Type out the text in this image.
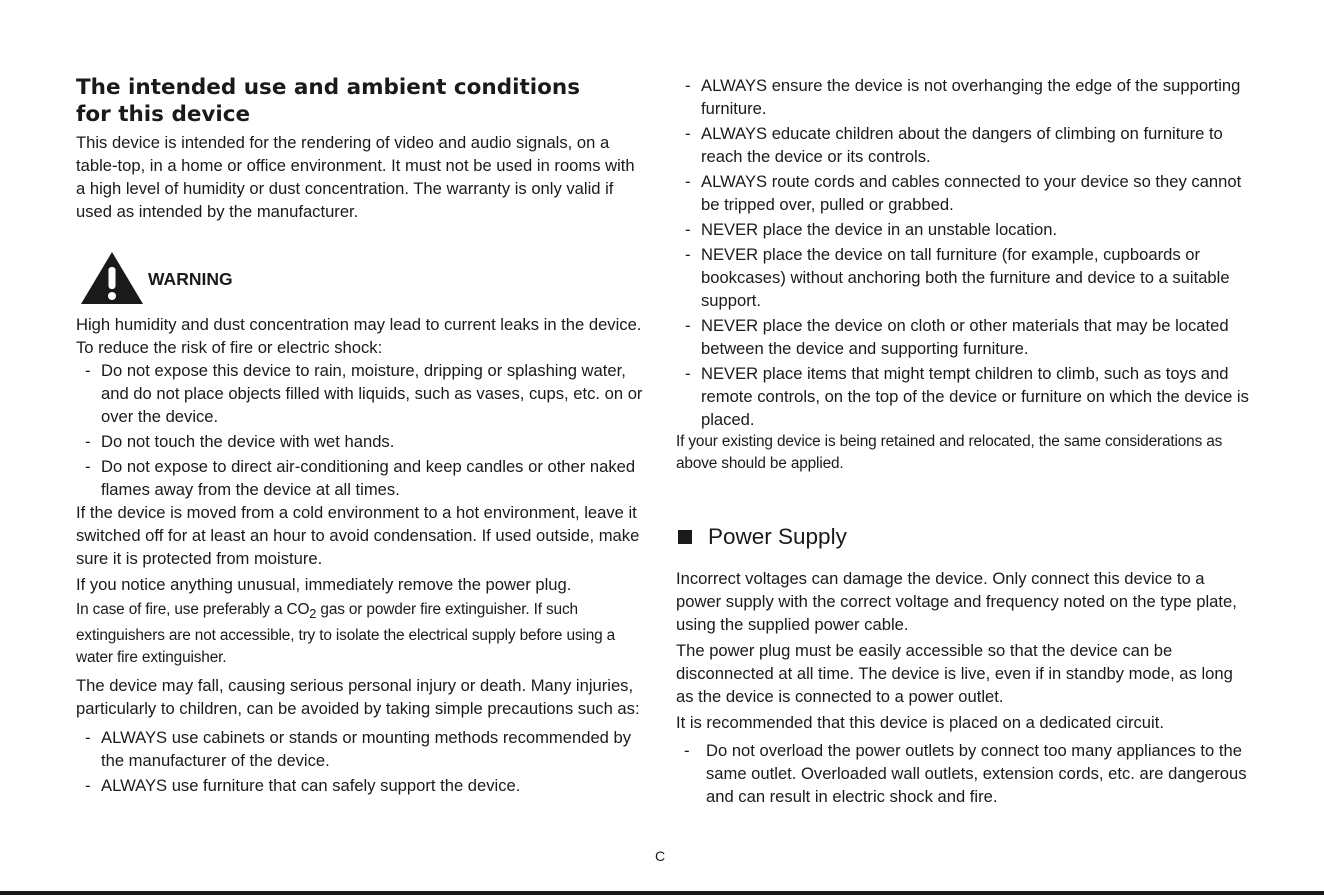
The intended use and ambient conditions
for this device

This device is intended for the rendering of video and audio signals, on a table-top, in a home or office environment. It must not be used in rooms with a high level of humidity or dust concentration. The warranty is only valid if used as intended by the manufacturer.

WARNING

High humidity and dust concentration may lead to current leaks in the device. To reduce the risk of fire or electric shock:

- Do not expose this device to rain, moisture, dripping or splashing water, and do not place objects filled with liquids, such as vases, cups, etc. on or over the device.
- Do not touch the device with wet hands.
- Do not expose to direct air-conditioning and keep candles or other naked flames away from the device at all times.

If the device is moved from a cold environment to a hot environment, leave it switched off for at least an hour to avoid condensation. If used outside, make sure it is protected from moisture.

If you notice anything unusual, immediately remove the power plug.

In case of fire, use preferably a $CO_2$ gas or powder fire extinguisher. If such extinguishers are not accessible, try to isolate the electrical supply before using a water fire extinguisher.

The device may fall, causing serious personal injury or death. Many injuries, particularly to children, can be avoided by taking simple precautions such as:

- ALWAYS use cabinets or stands or mounting methods recommended by the manufacturer of the device.
- ALWAYS use furniture that can safely support the device.
- ALWAYS ensure the device is not overhanging the edge of the supporting furniture.
- ALWAYS educate children about the dangers of climbing on furniture to reach the device or its controls.
- ALWAYS route cords and cables connected to your device so they cannot be tripped over, pulled or grabbed.
- NEVER place the device in an unstable location.
- NEVER place the device on tall furniture (for example, cupboards or bookcases) without anchoring both the furniture and device to a suitable support.
- NEVER place the device on cloth or other materials that may be located between the device and supporting furniture.
- NEVER place items that might tempt children to climb, such as toys and remote controls, on the top of the device or furniture on which the device is placed.

If your existing device is being retained and relocated, the same considerations as above should be applied.

Power Supply

Incorrect voltages can damage the device. Only connect this device to a power supply with the correct voltage and frequency noted on the type plate, using the supplied power cable.

The power plug must be easily accessible so that the device can be disconnected at all time. The device is live, even if in standby mode, as long as the device is connected to a power outlet.

It is recommended that this device is placed on a dedicated circuit.

- Do not overload the power outlets by connect too many appliances to the same outlet. Overloaded wall outlets, extension cords, etc. are dangerous and can result in electric shock and fire.
C
